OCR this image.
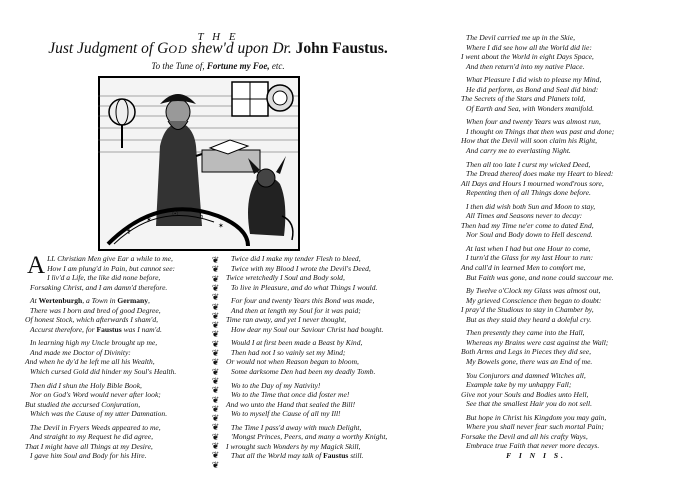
T H E
Just Judgment of GOD shew'd upon Dr. John Faustus.
To the Tune of, Fortune my Foe, etc.
✝
✶
☉	♄
✶
A LL Christian Men give Ear a while to me,
How I am plung'd in Pain, but cannot see:
I liv'd a Life, the like did none before,
Forsaking Christ, and I am damn'd therefore.
At Wertenburgh, a Town in Germany,
There was I born and bred of good Degree,
Of honest Stock, which afterwards I sham'd,
Accurst therefore, for Faustus was I nam'd.
In learning high my Uncle brought up me,
And made me Doctor of Divinity:
And when he dy'd he left me all his Wealth,
Which cursed Gold did hinder my Soul's Health.
Then did I shun the Holy Bible Book,
Nor on God's Word would never after look;
But studied the accursed Conjuration,
Which was the Cause of my utter Damnation.
The Devil in Fryers Weeds appeared to me,
And straight to my Request he did agree,
That I might have all Things at my Desire,
I gave him Soul and Body for his Hire.
❦
❦
❦
❦
❦
❦
❦
❦
❦
❦
❦
❦
❦
❦
❦
❦
❦
❦
❦
❦
❦
❦
❦
Twice did I make my tender Flesh to bleed,
Twice with my Blood I wrote the Devil's Deed,
Twice wretchedly I Soul and Body sold,
To live in Pleasure, and do what Things I would.
For four and twenty Years this Bond was made,
And then at length my Soul for it was paid;
Time ran away, and yet I never thought,
How dear my Soul our Saviour Christ had bought.
Would I at first been made a Beast by Kind,
Then had not I so vainly set my Mind;
Or would not when Reason began to bloom,
Some darksome Den had been my deadly Tomb.
Wo to the Day of my Nativity!
Wo to the Time that once did foster me!
And wo unto the Hand that sealed the Bill!
Wo to myself the Cause of all my Ill!
The Time I pass'd away with much Delight,
'Mongst Princes, Peers, and many a worthy Knight,
I wrought such Wonders by my Magick Skill,
That all the World may talk of Faustus still.
The Devil carried me up in the Skie,
Where I did see how all the World did lie:
I went about the World in eight Days Space,
And then return'd into my native Place.
What Pleasure I did wish to please my Mind,
He did perform, as Bond and Seal did bind:
The Secrets of the Stars and Planets told,
Of Earth and Sea, with Wonders manifold.
When four and twenty Years was almost run,
I thought on Things that then was past and done;
How that the Devil will soon claim his Right,
And carry me to everlasting Night.
Then all too late I curst my wicked Deed,
The Dread thereof does make my Heart to bleed:
All Days and Hours I mourned wond'rous sore,
Repenting then of all Things done before.
I then did wish both Sun and Moon to stay,
All Times and Seasons never to decay:
Then had my Time ne'er come to dated End,
Nor Soul and Body down to Hell descend.
At last when I had but one Hour to come,
I turn'd the Glass for my last Hour to run:
And call'd in learned Men to comfort me,
But Faith was gone, and none could succour me.
By Twelve o'Clock my Glass was almost out,
My grieved Conscience then began to doubt:
I pray'd the Studious to stay in Chamber by,
But as they staid they heard a doleful cry.
Then presently they came into the Hall,
Whereas my Brains were cast against the Wall;
Both Arms and Legs in Pieces they did see,
My Bowels gone, there was an End of me.
You Conjurors and damned Witches all,
Example take by my unhappy Fall;
Give not your Souls and Bodies unto Hell,
See that the smallest Hair you do not sell.
But hope in Christ his Kingdom you may gain,
Where you shall never fear such mortal Pain;
Forsake the Devil and all his crafty Ways,
Embrace true Faith that never more decays.
F I N I S.
